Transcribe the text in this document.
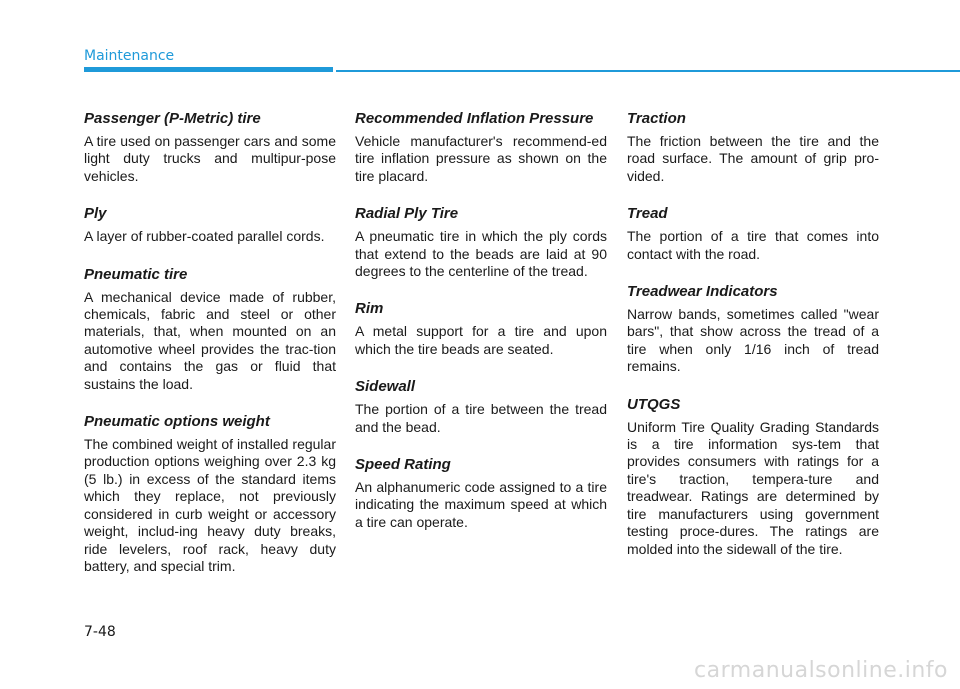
Maintenance
Passenger (P-Metric) tire

A tire used on passenger cars and some light duty trucks and multipur-pose vehicles.

Ply

A layer of rubber-coated parallel cords.

Pneumatic tire

A mechanical device made of rubber, chemicals, fabric and steel or other materials, that, when mounted on an automotive wheel provides the trac-tion and contains the gas or fluid that sustains the load.

Pneumatic options weight

The combined weight of installed regular production options weighing over 2.3 kg (5 lb.) in excess of the standard items which they replace, not previously considered in curb weight or accessory weight, includ-ing heavy duty breaks, ride levelers, roof rack, heavy duty battery, and special trim.

Recommended Inflation Pressure

Vehicle manufacturer's recommend-ed tire inflation pressure as shown on the tire placard.

Radial Ply Tire

A pneumatic tire in which the ply cords that extend to the beads are laid at 90 degrees to the centerline of the tread.

Rim

A metal support for a tire and upon which the tire beads are seated.

Sidewall

The portion of a tire between the tread and the bead.

Speed Rating

An alphanumeric code assigned to a tire indicating the maximum speed at which a tire can operate.

Traction

The friction between the tire and the road surface. The amount of grip pro-vided.

Tread

The portion of a tire that comes into contact with the road.

Treadwear Indicators

Narrow bands, sometimes called "wear bars", that show across the tread of a tire when only 1/16 inch of tread remains.

UTQGS

Uniform Tire Quality Grading Standards is a tire information sys-tem that provides consumers with ratings for a tire's traction, tempera-ture and treadwear. Ratings are determined by tire manufacturers using government testing proce-dures. The ratings are molded into the sidewall of the tire.

7-48
carmanualsonline.info
